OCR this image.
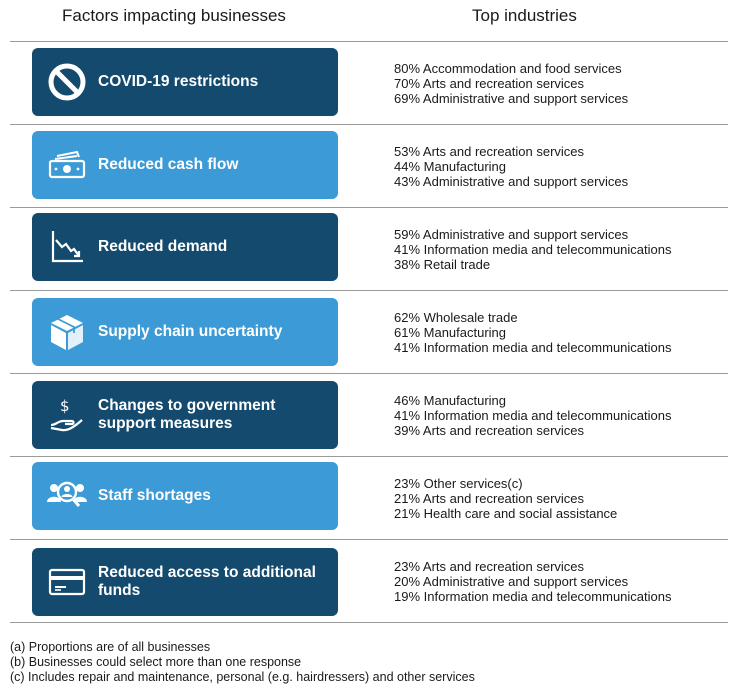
Factors impacting businesses	Top industries
COVID-19 restrictions
80% Accommodation and food services
70% Arts and recreation services
69% Administrative and support services
Reduced cash flow
53% Arts and recreation services
44% Manufacturing
43% Administrative and support services
Reduced demand
59% Administrative and support services
41% Information media and telecommunications
38% Retail trade
Supply chain uncertainty
62% Wholesale trade
61% Manufacturing
41% Information media and telecommunications
$ Changes to government support measures
46% Manufacturing
41% Information media and telecommunications
39% Arts and recreation services
Staff shortages
23% Other services(c)
21% Arts and recreation services
21% Health care and social assistance
Reduced access to additional funds
23% Arts and recreation services
20% Administrative and support services
19% Information media and telecommunications
(a) Proportions are of all businesses
(b) Businesses could select more than one response
(c) Includes repair and maintenance, personal (e.g. hairdressers) and other services
